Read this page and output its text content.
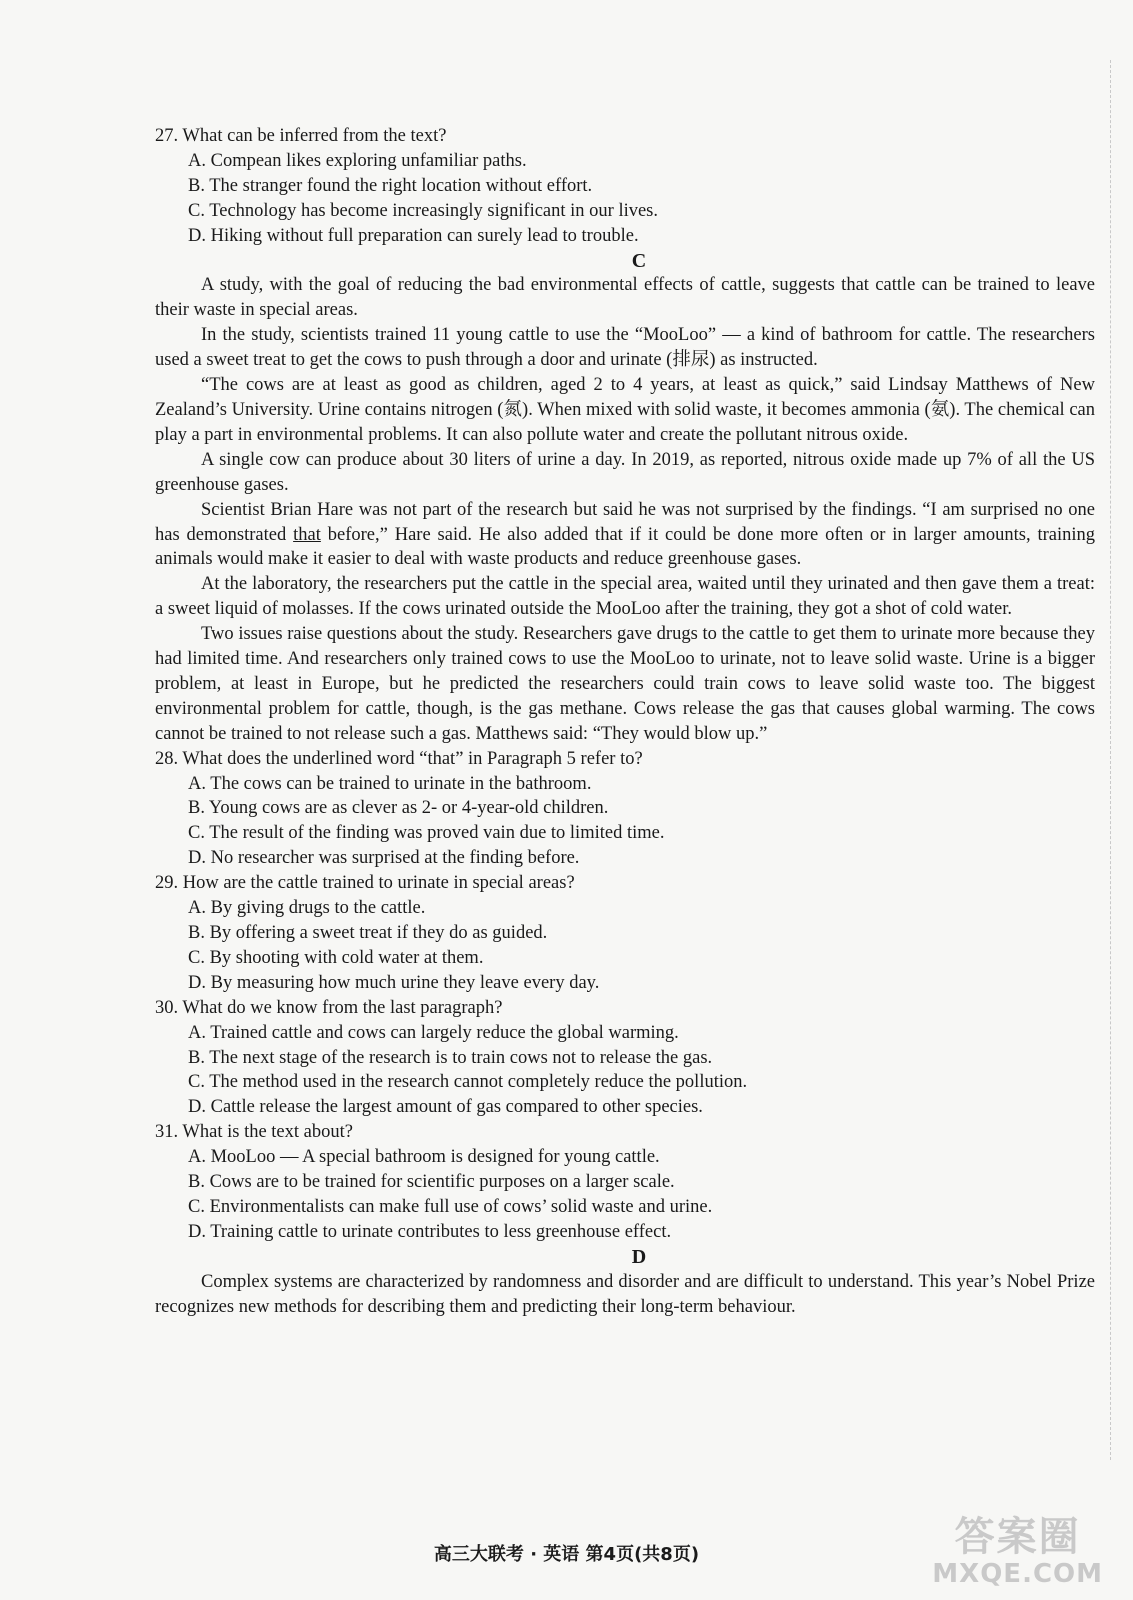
27. What can be inferred from the text?

A. Compean likes exploring unfamiliar paths.

B. The stranger found the right location without effort.

C. Technology has become increasingly significant in our lives.

D. Hiking without full preparation can surely lead to trouble.

C

A study, with the goal of reducing the bad environmental effects of cattle, suggests that cattle can be trained to leave their waste in special areas.

In the study, scientists trained 11 young cattle to use the “MooLoo” — a kind of bathroom for cattle. The researchers used a sweet treat to get the cows to push through a door and urinate (排尿) as instructed.

“The cows are at least as good as children, aged 2 to 4 years, at least as quick,” said Lindsay Matthews of New Zealand’s University. Urine contains nitrogen (氮). When mixed with solid waste, it becomes ammonia (氨). The chemical can play a part in environmental problems. It can also pollute water and create the pollutant nitrous oxide.

A single cow can produce about 30 liters of urine a day. In 2019, as reported, nitrous oxide made up 7% of all the US greenhouse gases.

Scientist Brian Hare was not part of the research but said he was not surprised by the findings. “I am surprised no one has demonstrated that before,” Hare said. He also added that if it could be done more often or in larger amounts, training animals would make it easier to deal with waste products and reduce greenhouse gases.

At the laboratory, the researchers put the cattle in the special area, waited until they urinated and then gave them a treat: a sweet liquid of molasses. If the cows urinated outside the MooLoo after the training, they got a shot of cold water.

Two issues raise questions about the study. Researchers gave drugs to the cattle to get them to urinate more because they had limited time. And researchers only trained cows to use the MooLoo to urinate, not to leave solid waste. Urine is a bigger problem, at least in Europe, but he predicted the researchers could train cows to leave solid waste too. The biggest environmental problem for cattle, though, is the gas methane. Cows release the gas that causes global warming. The cows cannot be trained to not release such a gas. Matthews said: “They would blow up.”

28. What does the underlined word “that” in Paragraph 5 refer to?

A. The cows can be trained to urinate in the bathroom.

B. Young cows are as clever as 2- or 4-year-old children.

C. The result of the finding was proved vain due to limited time.

D. No researcher was surprised at the finding before.

29. How are the cattle trained to urinate in special areas?

A. By giving drugs to the cattle.

B. By offering a sweet treat if they do as guided.

C. By shooting with cold water at them.

D. By measuring how much urine they leave every day.

30. What do we know from the last paragraph?

A. Trained cattle and cows can largely reduce the global warming.

B. The next stage of the research is to train cows not to release the gas.

C. The method used in the research cannot completely reduce the pollution.

D. Cattle release the largest amount of gas compared to other species.

31. What is the text about?

A. MooLoo — A special bathroom is designed for young cattle.

B. Cows are to be trained for scientific purposes on a larger scale.

C. Environmentalists can make full use of cows’ solid waste and urine.

D. Training cattle to urinate contributes to less greenhouse effect.

D

Complex systems are characterized by randomness and disorder and are difficult to understand. This year’s Nobel Prize recognizes new methods for describing them and predicting their long-term behaviour.

高三大联考 · 英语 第4页(共8页)	答案圈
MXQE.COM
